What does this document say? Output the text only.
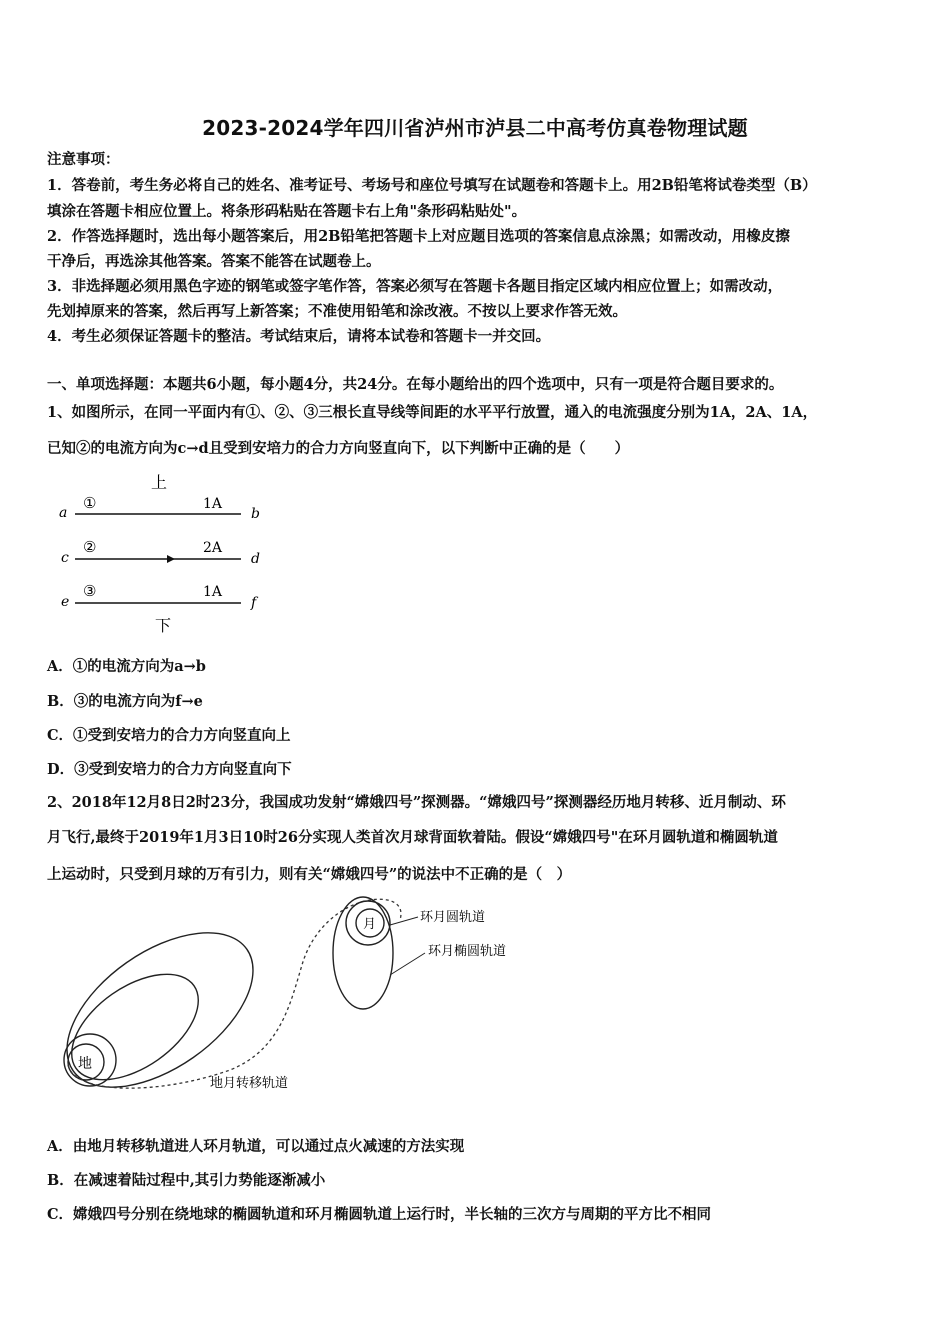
2023-2024学年四川省泸州市泸县二中高考仿真卷物理试题
注意事项：
1．答卷前，考生务必将自己的姓名、准考证号、考场号和座位号填写在试题卷和答题卡上。用2B铅笔将试卷类型（B）
填涂在答题卡相应位置上。将条形码粘贴在答题卡右上角"条形码粘贴处"。
2．作答选择题时，选出每小题答案后，用2B铅笔把答题卡上对应题目选项的答案信息点涂黑；如需改动，用橡皮擦
干净后，再选涂其他答案。答案不能答在试题卷上。
3．非选择题必须用黑色字迹的钢笔或签字笔作答，答案必须写在答题卡各题目指定区域内相应位置上；如需改动，
先划掉原来的答案，然后再写上新答案；不准使用铅笔和涂改液。不按以上要求作答无效。
4．考生必须保证答题卡的整洁。考试结束后，请将本试卷和答题卡一并交回。
一、单项选择题：本题共6小题，每小题4分，共24分。在每小题给出的四个选项中，只有一项是符合题目要求的。
1、如图所示，在同一平面内有①、②、③三根长直导线等间距的水平平行放置，通入的电流强度分别为1A，2A、1A，
已知②的电流方向为c→d且受到安培力的合力方向竖直向下，以下判断中正确的是（　　）
上
①	1A
a	b
②	2A
c	d
③	1A
e	f
下
A．①的电流方向为a→b
B．③的电流方向为f→e
C．①受到安培力的合力方向竖直向上
D．③受到安培力的合力方向竖直向下
2、2018年12月8日2时23分，我国成功发射“嫦娥四号”探测器。“嫦娥四号”探测器经历地月转移、近月制动、环
月飞行,最终于2019年1月3日10时26分实现人类首次月球背面软着陆。假设“嫦娥四号"在环月圆轨道和椭圆轨道
上运动时，只受到月球的万有引力，则有关“嫦娥四号”的说法中不正确的是（　）
地
月	环月圆轨道
环月椭圆轨道
地月转移轨道
A．由地月转移轨道进人环月轨道，可以通过点火减速的方法实现
B．在减速着陆过程中,其引力势能逐渐减小
C．嫦娥四号分别在绕地球的椭圆轨道和环月椭圆轨道上运行时，半长轴的三次方与周期的平方比不相同
